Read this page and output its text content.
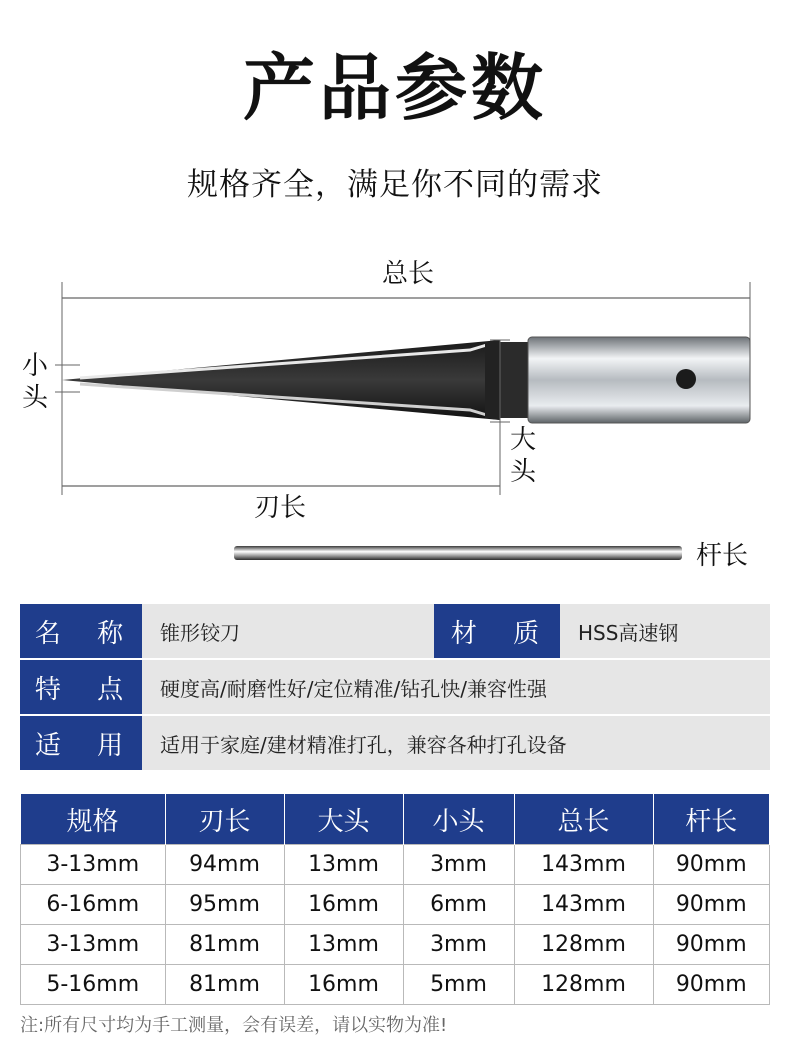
产品参数
规格齐全，满足你不同的需求
总长
小
头
大
头
刃长
杆长
名 称	锥形铰刀	材 质	HSS高速钢
特 点	硬度高/耐磨性好/定位精准/钻孔快/兼容性强
适 用	适用于家庭/建材精准打孔，兼容各种打孔设备
规格	刃长	大头	小头	总长	杆长
3-13mm	94mm	13mm	3mm	143mm	90mm
6-16mm	95mm	16mm	6mm	143mm	90mm
3-13mm	81mm	13mm	3mm	128mm	90mm
5-16mm	81mm	16mm	5mm	128mm	90mm
注:所有尺寸均为手工测量，会有误差，请以实物为准!
